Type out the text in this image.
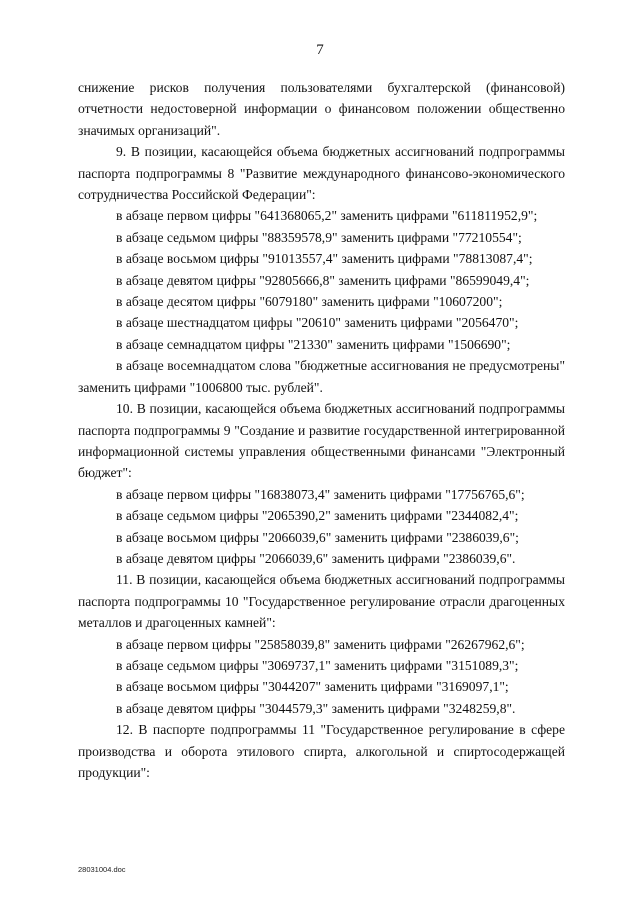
7

снижение рисков получения пользователями бухгалтерской (финансовой) отчетности недостоверной информации о финансовом положении общественно значимых организаций".

9. В позиции, касающейся объема бюджетных ассигнований подпрограммы паспорта подпрограммы 8 "Развитие международного финансово-экономического сотрудничества Российской Федерации":

в абзаце первом цифры "641368065,2" заменить цифрами "611811952,9";

в абзаце седьмом цифры "88359578,9" заменить цифрами "77210554";

в абзаце восьмом цифры "91013557,4" заменить цифрами "78813087,4";

в абзаце девятом цифры "92805666,8" заменить цифрами "86599049,4";

в абзаце десятом цифры "6079180" заменить цифрами "10607200";

в абзаце шестнадцатом цифры "20610" заменить цифрами "2056470";

в абзаце семнадцатом цифры "21330" заменить цифрами "1506690";

в абзаце восемнадцатом слова "бюджетные ассигнования не предусмотрены" заменить цифрами "1006800 тыс. рублей".

10. В позиции, касающейся объема бюджетных ассигнований подпрограммы паспорта подпрограммы 9 "Создание и развитие государственной интегрированной информационной системы управления общественными финансами "Электронный бюджет":

в абзаце первом цифры "16838073,4" заменить цифрами "17756765,6";

в абзаце седьмом цифры "2065390,2" заменить цифрами "2344082,4";

в абзаце восьмом цифры "2066039,6" заменить цифрами "2386039,6";

в абзаце девятом цифры "2066039,6" заменить цифрами "2386039,6".

11. В позиции, касающейся объема бюджетных ассигнований подпрограммы паспорта подпрограммы 10 "Государственное регулирование отрасли драгоценных металлов и драгоценных камней":

в абзаце первом цифры "25858039,8" заменить цифрами "26267962,6";

в абзаце седьмом цифры "3069737,1" заменить цифрами "3151089,3";

в абзаце восьмом цифры "3044207" заменить цифрами "3169097,1";

в абзаце девятом цифры "3044579,3" заменить цифрами "3248259,8".

12. В паспорте подпрограммы 11 "Государственное регулирование в сфере производства и оборота этилового спирта, алкогольной и спиртосодержащей продукции":

28031004.doc
